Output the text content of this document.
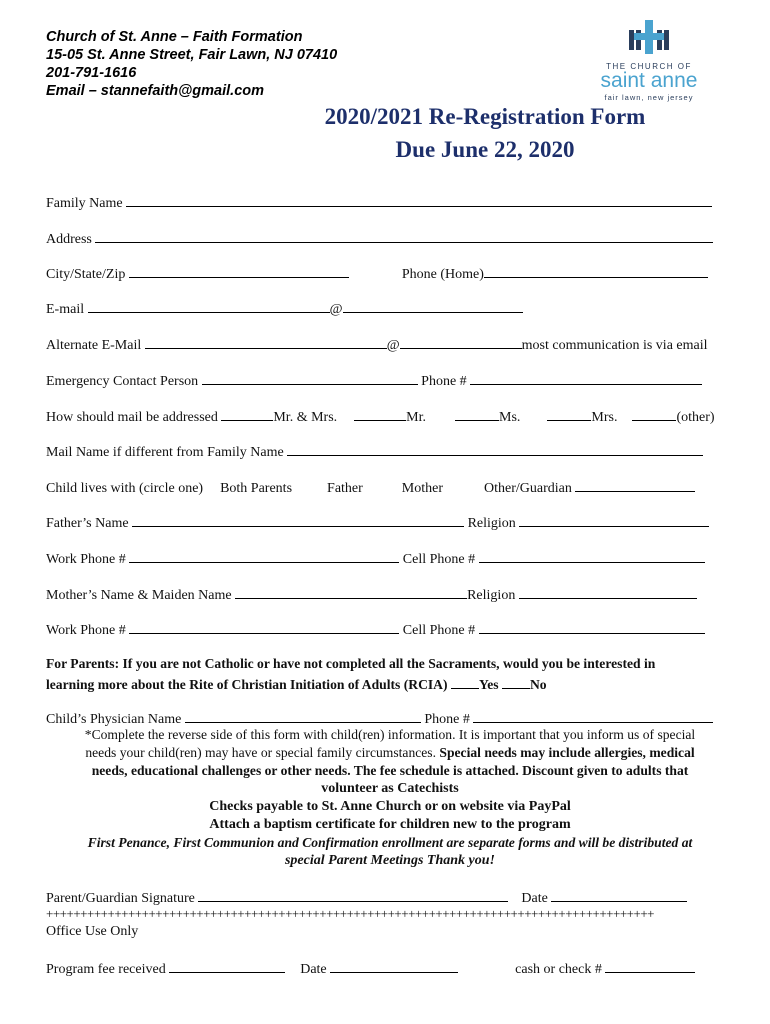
Church of St. Anne – Faith Formation
15-05 St. Anne Street, Fair Lawn, NJ 07410
201-791-1616
Email – stannefaith@gmail.com
THE CHURCH OF
saint anne
fair lawn, new jersey
2020/2021 Re-Registration Form
Due June 22, 2020
Family Name
Address
City/State/Zip	Phone (Home)
E-mail	@
Alternate E-Mail	@	most communication is via email
Emergency Contact Person	Phone #
How should mail be addressed	Mr. & Mrs.	Mr.	Ms.	Mrs.	(other)
Mail Name if different from Family Name
Child lives with (circle one) Both Parents	Father	Mother	Other/Guardian
Father’s Name	Religion
Work Phone #	Cell Phone #
Mother’s Name & Maiden Name	Religion
Work Phone #	Cell Phone #
For Parents: If you are not Catholic or have not completed all the Sacraments, would you be interested in
learning more about the Rite of Christian Initiation of Adults (RCIA) Yes No
Child’s Physician Name	Phone #
*Complete the reverse side of this form with child(ren) information. It is important that you inform us of special
needs your child(ren) may have or special family circumstances. Special needs may include allergies, medical
needs, educational challenges or other needs. The fee schedule is attached. Discount given to adults that
volunteer as Catechists
Checks payable to St. Anne Church or on website via PayPal
Attach a baptism certificate for children new to the program
First Penance, First Communion and Confirmation enrollment are separate forms and will be distributed at
special Parent Meetings Thank you!
Parent/Guardian Signature	Date
+++++++++++++++++++++++++++++++++++++++++++++++++++++++++++++++++++++++++++++++++++++++++
Office Use Only
Program fee received	Date	cash or check #
